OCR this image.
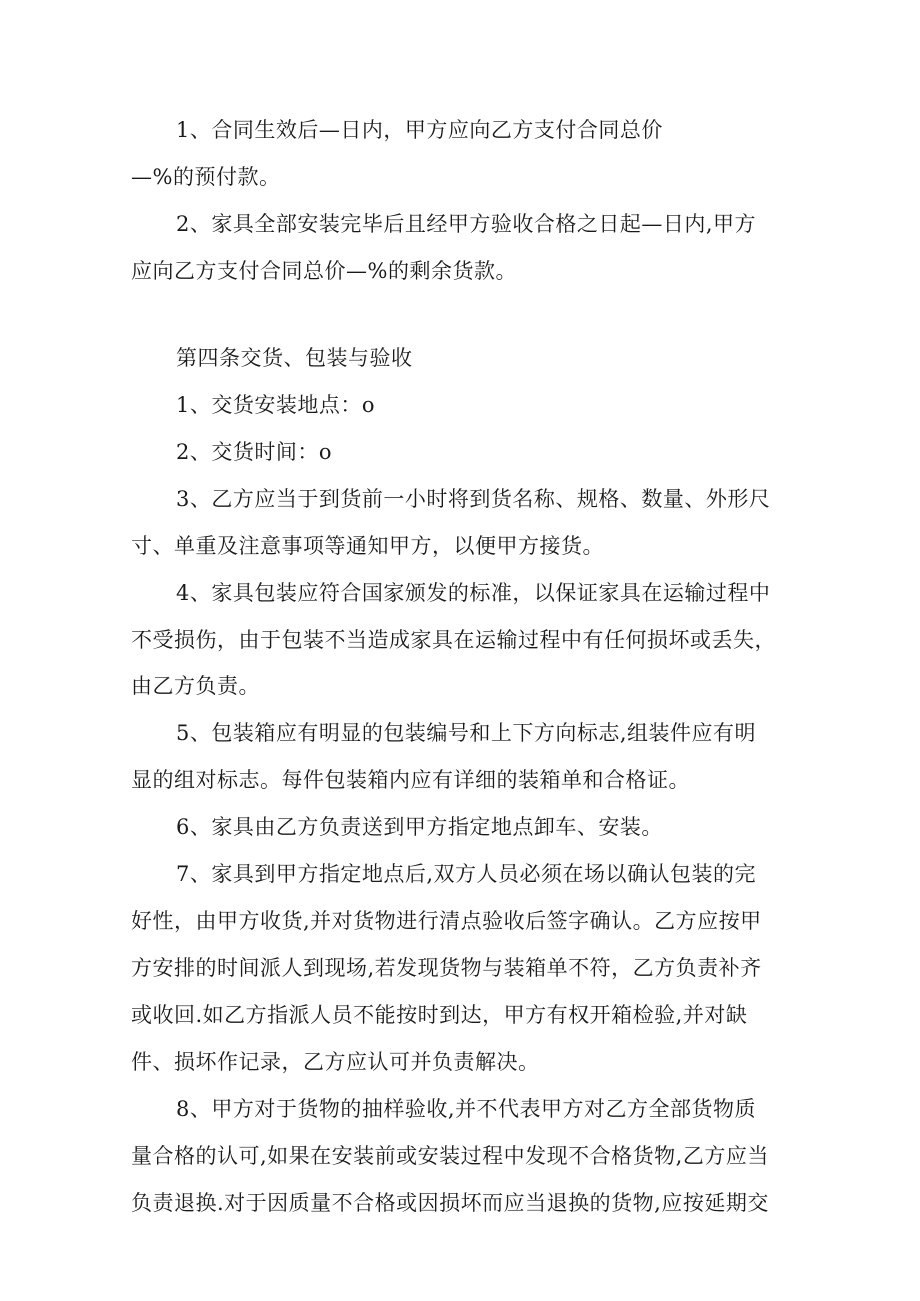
1、合同生效后—日内，甲方应向乙方支付合同总价
—%的预付款。
2、家具全部安装完毕后且经甲方验收合格之日起—日内,甲方
应向乙方支付合同总价—%的剩余货款。
第四条交货、包装与验收
1、交货安装地点：o
2、交货时间：o
3、乙方应当于到货前一小时将到货名称、规格、数量、外形尺
寸、单重及注意事项等通知甲方，以便甲方接货。
4、家具包装应符合国家颁发的标准，以保证家具在运输过程中
不受损伤，由于包装不当造成家具在运输过程中有任何损坏或丢失，
由乙方负责。
5、包装箱应有明显的包装编号和上下方向标志,组装件应有明
显的组对标志。每件包装箱内应有详细的装箱单和合格证。
6、家具由乙方负责送到甲方指定地点卸车、安装。
7、家具到甲方指定地点后,双方人员必须在场以确认包装的完
好性，由甲方收货,并对货物进行清点验收后签字确认。乙方应按甲
方安排的时间派人到现场,若发现货物与装箱单不符，乙方负责补齐
或收回.如乙方指派人员不能按时到达，甲方有权开箱检验,并对缺
件、损坏作记录，乙方应认可并负责解决。
8、甲方对于货物的抽样验收,并不代表甲方对乙方全部货物质
量合格的认可,如果在安装前或安装过程中发现不合格货物,乙方应当
负责退换.对于因质量不合格或因损坏而应当退换的货物,应按延期交
